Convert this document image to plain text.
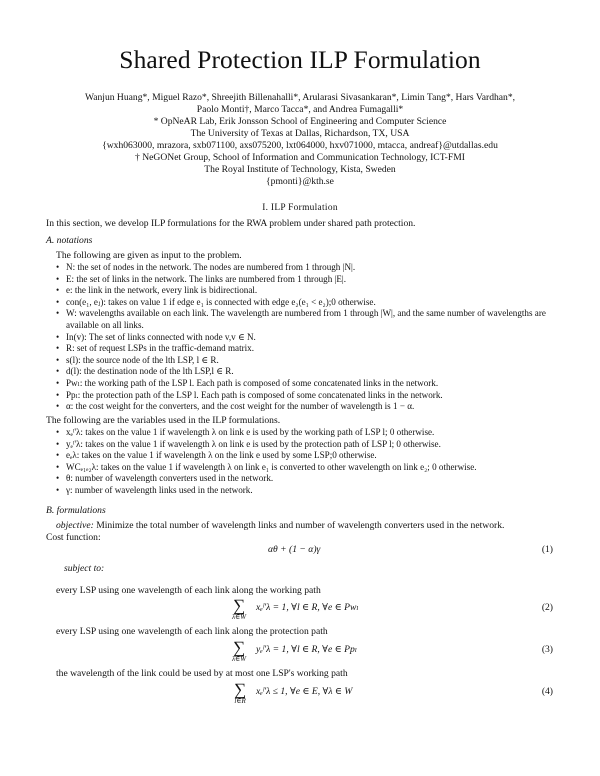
Shared Protection ILP Formulation
Wanjun Huang*, Miguel Razo*, Shreejith Billenahalli*, Arularasi Sivasankaran*, Limin Tang*, Hars Vardhan*,
Paolo Monti†, Marco Tacca*, and Andrea Fumagalli*
* OpNeAR Lab, Erik Jonsson School of Engineering and Computer Science
The University of Texas at Dallas, Richardson, TX, USA
{wxh063000, mrazora, sxb071100, axs075200, lxt064000, hxv071000, mtacca, andreaf}@utdallas.edu
† NeGONet Group, School of Information and Communication Technology, ICT-FMI
The Royal Institute of Technology, Kista, Sweden
{pmonti}@kth.se
I. ILP Formulation
In this section, we develop ILP formulations for the RWA problem under shared path protection.
A. notations
The following are given as input to the problem.
• N: the set of nodes in the network. The nodes are numbered from 1 through |N|.
• E: the set of links in the network. The links are numbered from 1 through |E|.
• e: the link in the network, every link is bidirectional.
• con(e₁, eⱼ): takes on value 1 if edge e₁ is connected with edge e₂(e₁ < e₂);0 otherwise.
• W: wavelengths available on each link. The wavelength are numbered from 1 through |W|, and the same number of wavelengths are available on all links.
• In(v): The set of links connected with node v,v ∈ N.
• R: set of request LSPs in the traffic-demand matrix.
• s(l): the source node of the lth LSP, l ∈ R.
• d(l): the destination node of the lth LSP,l ∈ R.
• Pwₗ: the working path of the LSP l. Each path is composed of some concatenated links in the network.
• Ppₗ: the protection path of the LSP l. Each path is composed of some concatenated links in the network.
• α: the cost weight for the converters, and the cost weight for the number of wavelength is 1 − α.
The following are the variables used in the ILP formulations.
• xₑˡ'λ: takes on the value 1 if wavelength λ on link e is used by the working path of LSP l; 0 otherwise.
• yₑˡ'λ: takes on the value 1 if wavelength λ on link e is used by the protection path of LSP l; 0 otherwise.
• eₑλ: takes on the value 1 if wavelength λ on the link e used by some LSP;0 otherwise.
• WCₑ₁ₑ₂λ: takes on the value 1 if wavelength λ on link e₁ is converted to other wavelength on link e₂; 0 otherwise.
• θ: number of wavelength converters used in the network.
• γ: number of wavelength links used in the network.
B. formulations
objective: Minimize the total number of wavelength links and number of wavelength converters used in the network.
Cost function:
αθ + (1 − α)γ	(1)
subject to:
every LSP using one wavelength of each link along the working path
∑
λ∈W
xₑˡ'λ = 1, ∀l ∈ R, ∀e ∈ Pwₗ	(2)
every LSP using one wavelength of each link along the protection path
∑
λ∈W
yₑˡ'λ = 1, ∀l ∈ R, ∀e ∈ Ppₗ	(3)
the wavelength of the link could be used by at most one LSP's working path
∑
l∈R
xₑˡ'λ ≤ 1, ∀e ∈ E, ∀λ ∈ W	(4)
